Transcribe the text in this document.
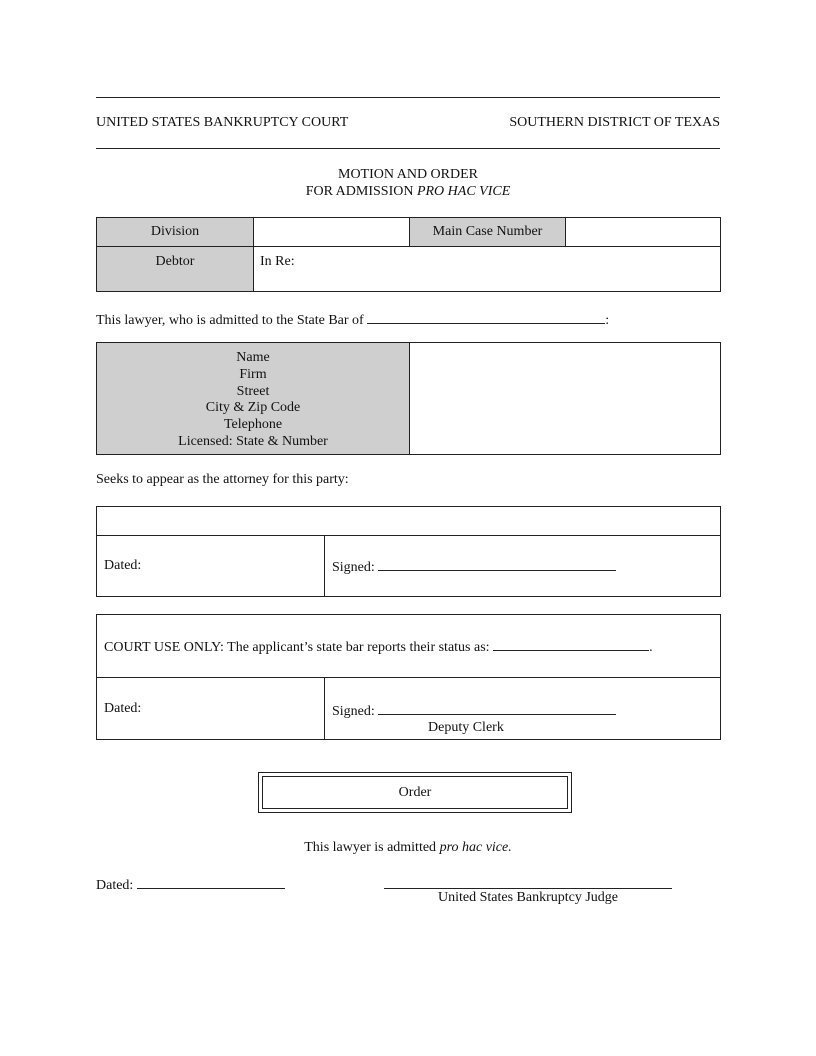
UNITED STATES BANKRUPTCY COURT	SOUTHERN DISTRICT OF TEXAS
MOTION AND ORDER
FOR ADMISSION PRO HAC VICE
Division		Main Case Number	
Debtor	In Re:		
This lawyer, who is admitted to the State Bar of	:
Name
Firm
Street
City & Zip Code
Telephone
Licensed: State & Number

Seeks to appear as the attorney for this party:

Dated:	Signed:
COURT USE ONLY: The applicant’s state bar reports their status as:	.
Dated:	Signed:
Deputy Clerk
Order
This lawyer is admitted pro hac vice.
Dated:
United States Bankruptcy Judge
